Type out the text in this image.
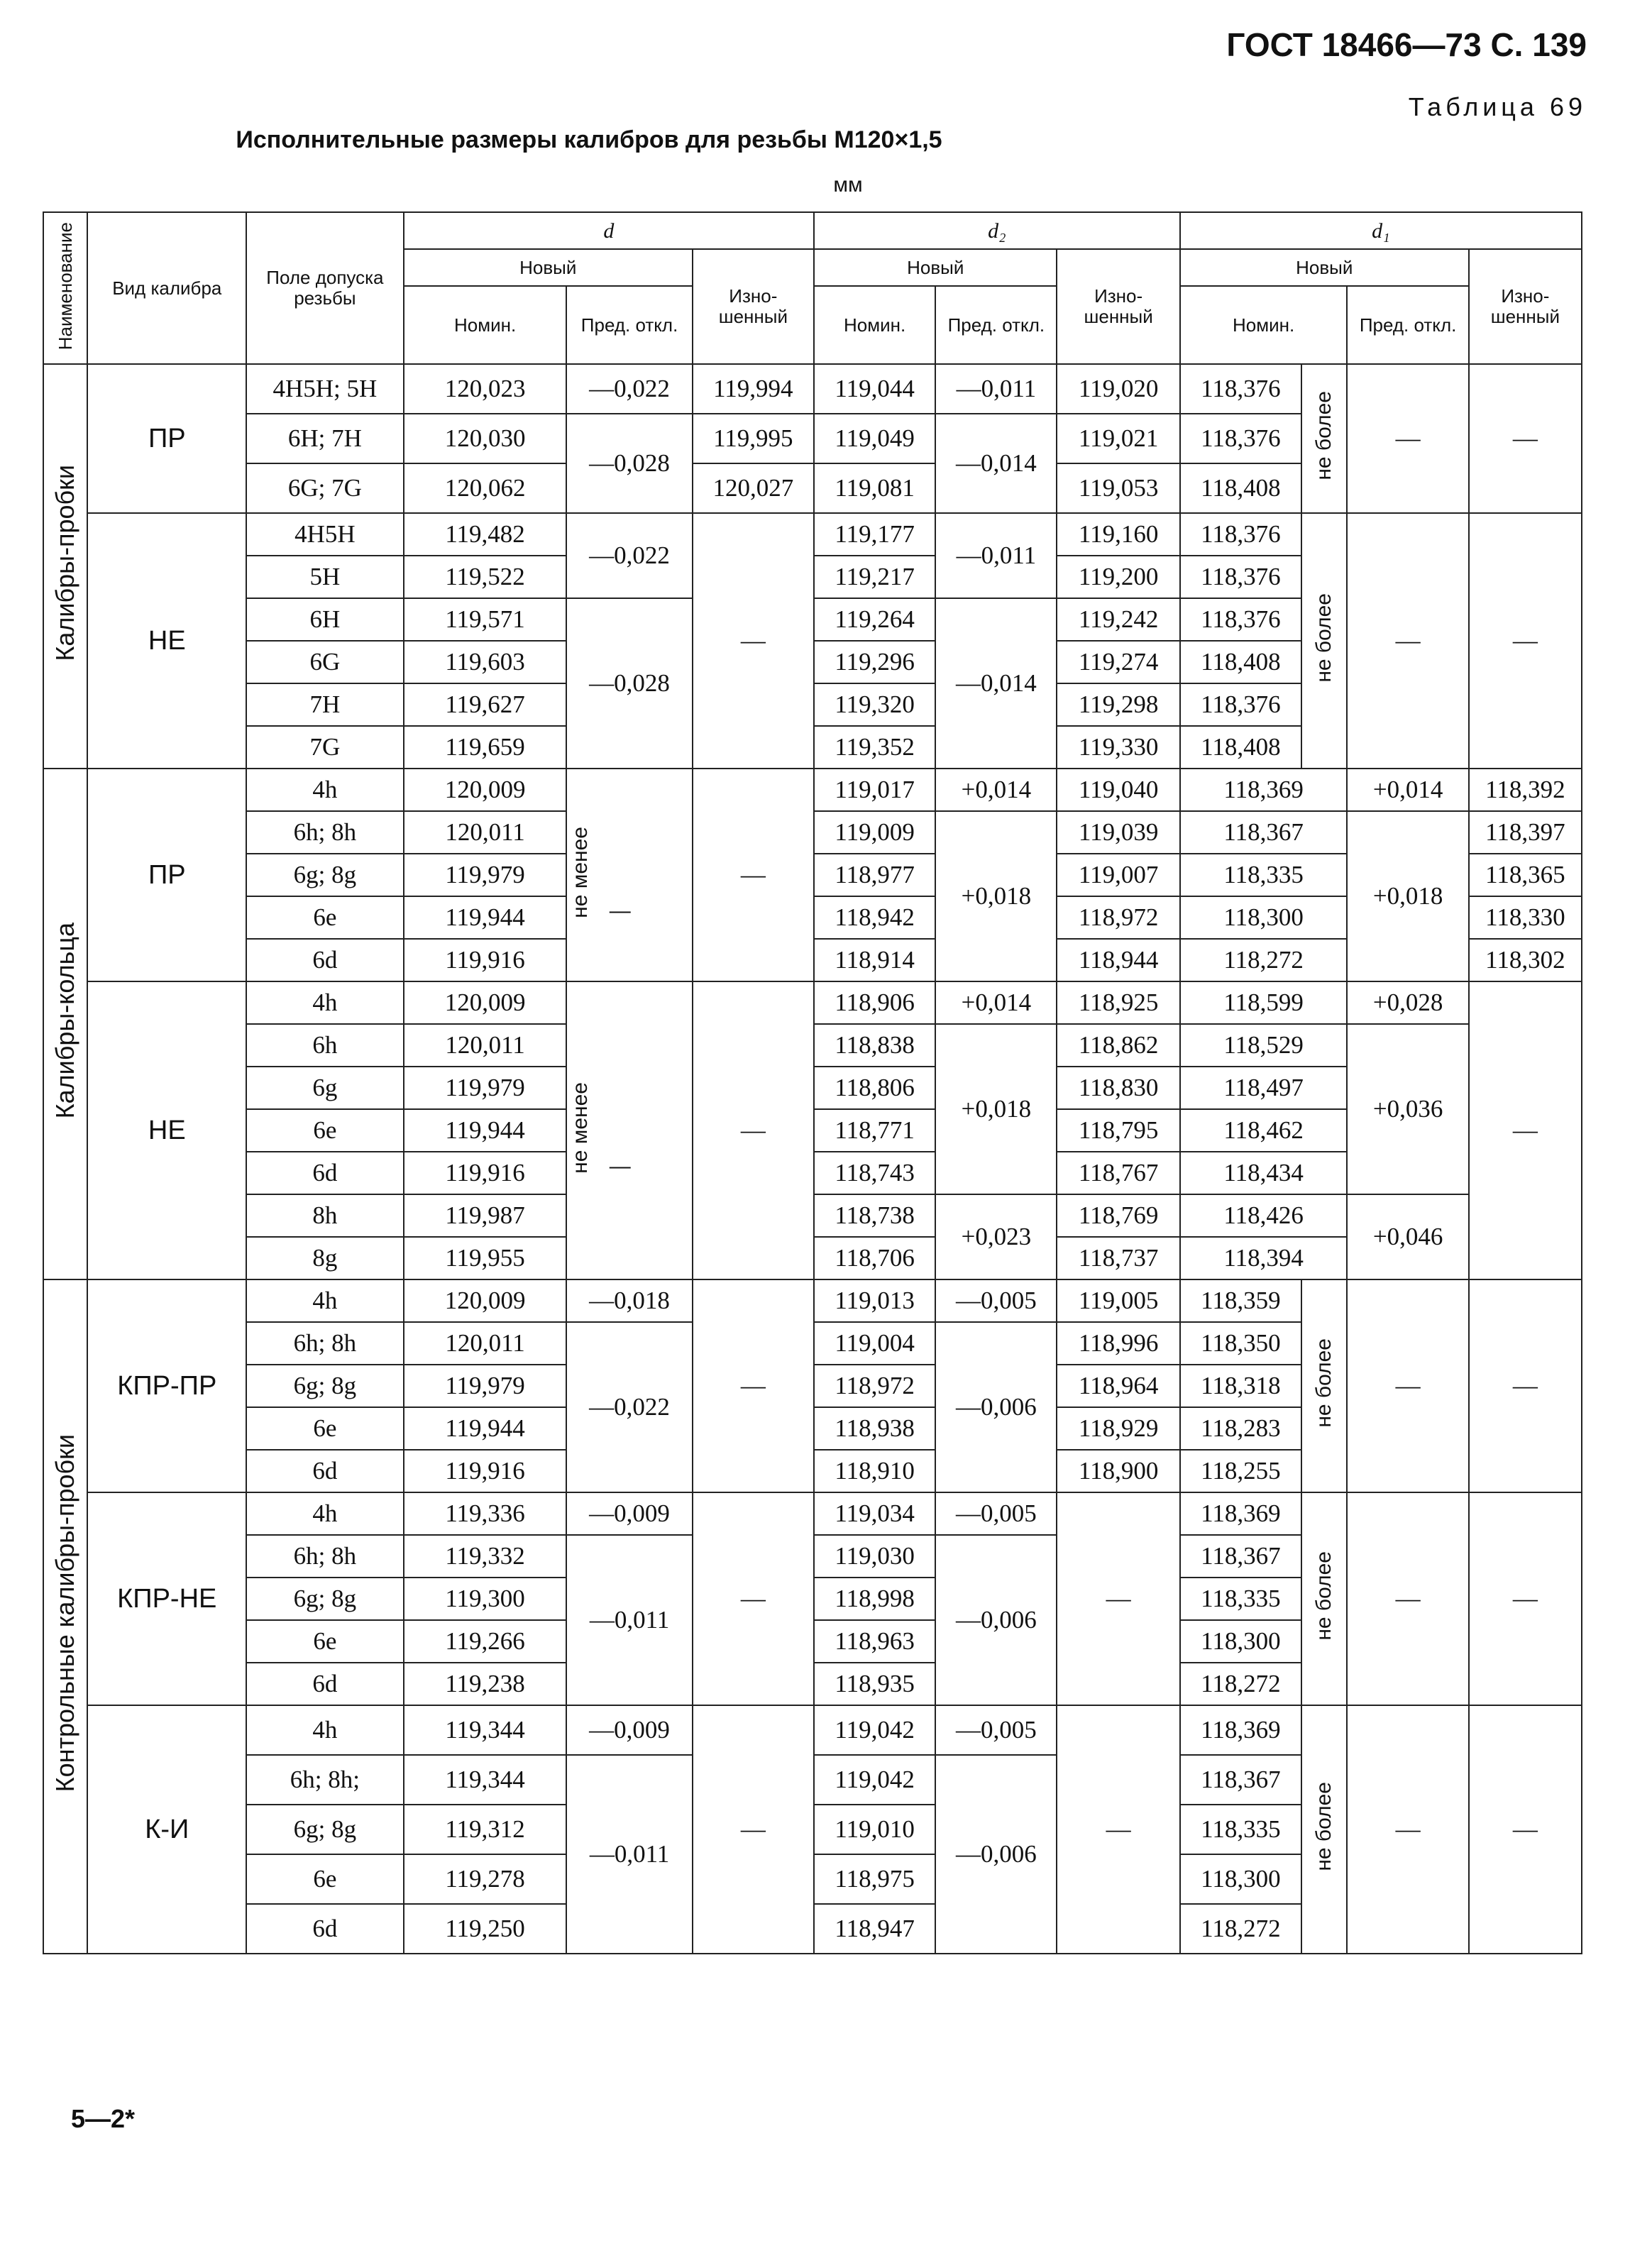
ГОСТ 18466—73 С. 139
Таблица 69
Исполнительные размеры калибров для резьбы М120×1,5
мм
Наименование	Вид калибра	Поле допуска резьбы	d			d₂			d₁			
			Новый		Изно-шенный	Новый		Изно-шенный	Новый			Изно-шенный
			Номин.	Пред. откл.		Номин.	Пред. откл.		Номин.		Пред. откл.	
Калибры-пробки	ПР	4H5H; 5H	120,023	—0,022	119,994	119,044	—0,011	119,020	118,376	не более	—	—
		6H; 7H	120,030	—0,028	119,995	119,049	—0,014	119,021	118,376			
		6G; 7G	120,062		120,027	119,081		119,053	118,408			
	НЕ	4H5H	119,482	—0,022	—	119,177	—0,011	119,160	118,376	не более	—	—
		5H	119,522			119,217		119,200	118,376			
		6H	119,571	—0,028		119,264	—0,014	119,242	118,376			
		6G	119,603			119,296		119,274	118,408			
		7H	119,627			119,320		119,298	118,376			
		7G	119,659			119,352		119,330	118,408			
Калибры-кольца	ПР	4h	120,009	не менее —	—	119,017	+0,014	119,040	118,369		+0,014	118,392
		6h; 8h	120,011			119,009	+0,018	119,039	118,367		+0,018	118,397
		6g; 8g	119,979			118,977		119,007	118,335			118,365
		6e	119,944			118,942		118,972	118,300			118,330
		6d	119,916			118,914		118,944	118,272			118,302
	НЕ	4h	120,009	не менее —	—	118,906	+0,014	118,925	118,599		+0,028	—
		6h	120,011			118,838	+0,018	118,862	118,529		+0,036	
		6g	119,979			118,806		118,830	118,497			
		6e	119,944			118,771		118,795	118,462			
		6d	119,916			118,743		118,767	118,434			
		8h	119,987			118,738	+0,023	118,769	118,426		+0,046	
		8g	119,955			118,706		118,737	118,394			
Контрольные калибры-пробки	КПР-ПР	4h	120,009	—0,018	—	119,013	—0,005	119,005	118,359	не более	—	—
		6h; 8h	120,011	—0,022		119,004	—0,006	118,996	118,350			
		6g; 8g	119,979			118,972		118,964	118,318			
		6e	119,944			118,938		118,929	118,283			
		6d	119,916			118,910		118,900	118,255			
	КПР-НЕ	4h	119,336	—0,009	—	119,034	—0,005	—	118,369	не более	—	—
		6h; 8h	119,332	—0,011		119,030	—0,006		118,367			
		6g; 8g	119,300			118,998			118,335			
		6e	119,266			118,963			118,300			
		6d	119,238			118,935			118,272			
	К-И	4h	119,344	—0,009	—	119,042	—0,005	—	118,369	не более	—	—
		6h; 8h;	119,344	—0,011		119,042	—0,006		118,367			
		6g; 8g	119,312			119,010			118,335			
		6e	119,278			118,975			118,300			
		6d	119,250			118,947			118,272			
5—2*
